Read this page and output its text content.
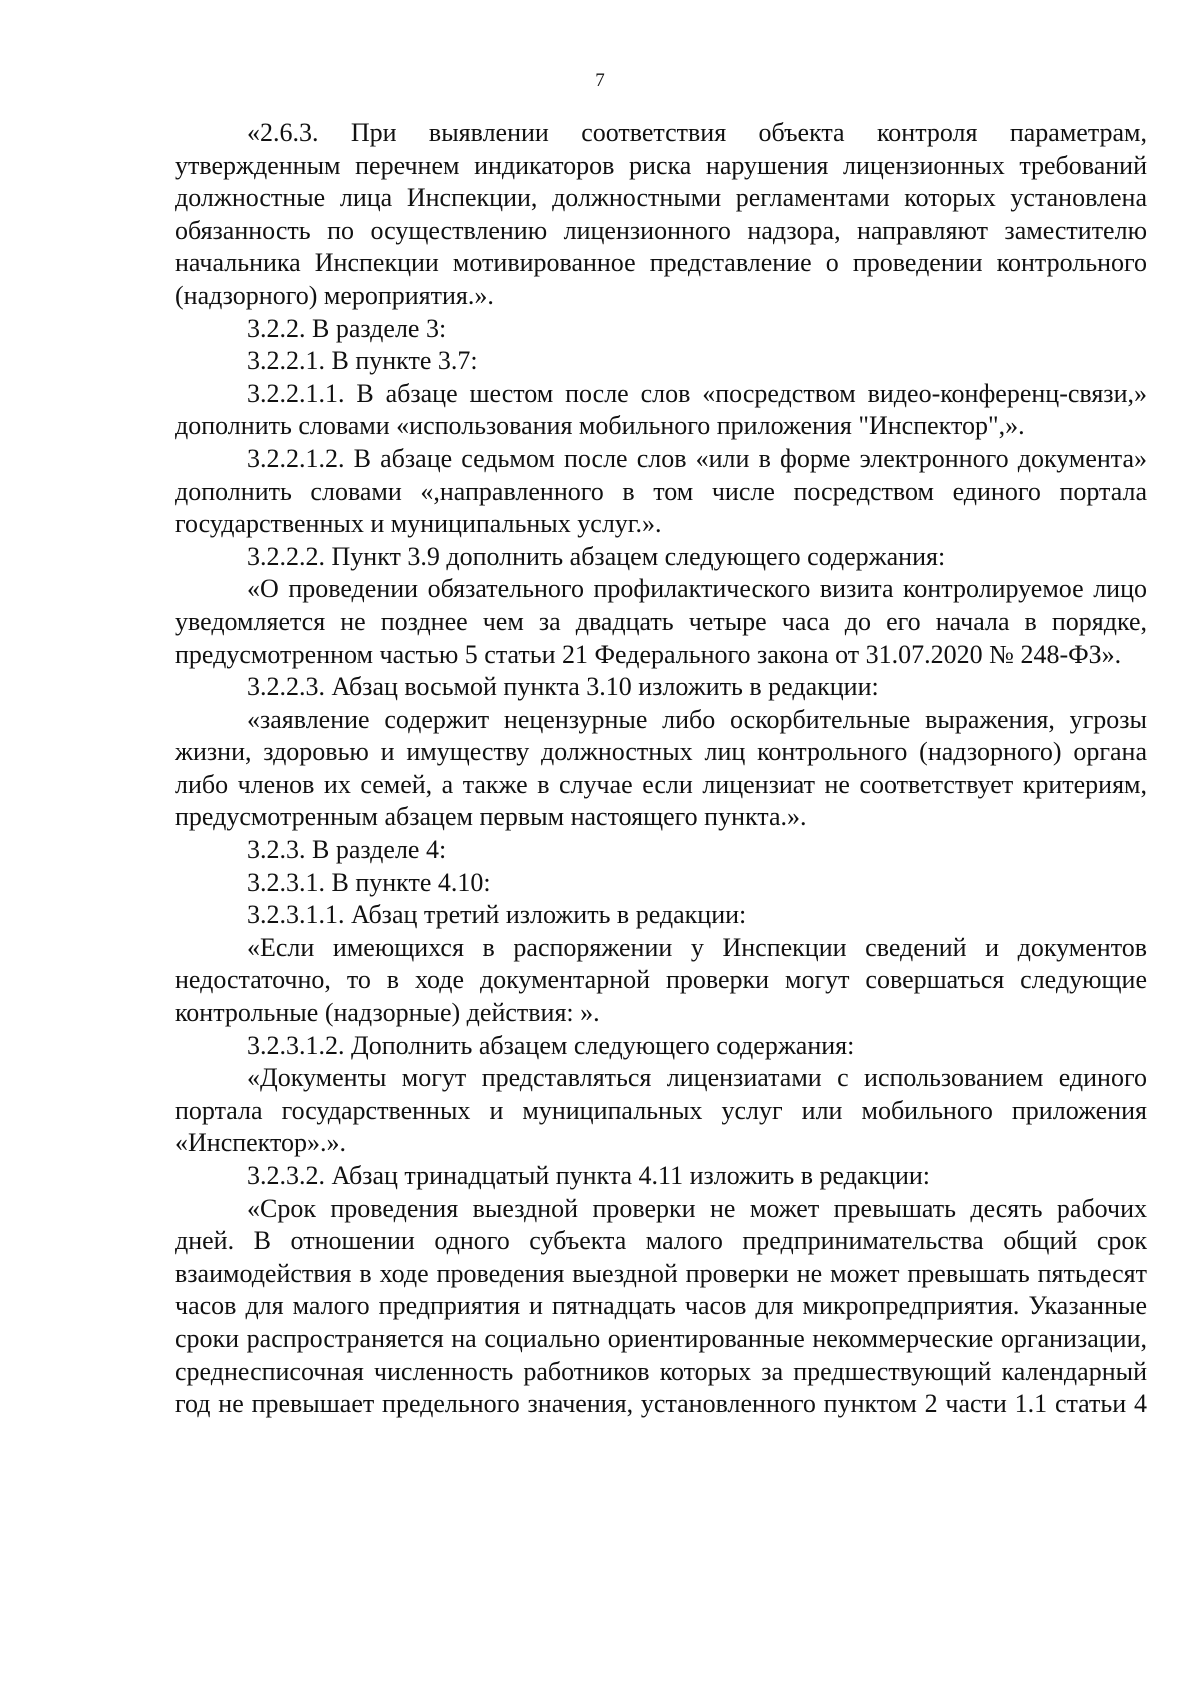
7

«2.6.3. При выявлении соответствия объекта контроля параметрам, утвержденным перечнем индикаторов риска нарушения лицензионных требований должностные лица Инспекции, должностными регламентами которых установлена обязанность по осуществлению лицензионного надзора, направляют заместителю начальника Инспекции мотивированное представление о проведении контрольного (надзорного) мероприятия.».

3.2.2. В разделе 3:

3.2.2.1. В пункте 3.7:

3.2.2.1.1. В абзаце шестом после слов «посредством видео-конференц-связи,» дополнить словами «использования мобильного приложения "Инспектор",».

3.2.2.1.2. В абзаце седьмом после слов «или в форме электронного документа» дополнить словами «,направленного в том числе посредством единого портала государственных и муниципальных услуг.».

3.2.2.2. Пункт 3.9 дополнить абзацем следующего содержания:

«О проведении обязательного профилактического визита контролируемое лицо уведомляется не позднее чем за двадцать четыре часа до его начала в порядке, предусмотренном частью 5 статьи 21 Федерального закона от 31.07.2020 № 248-ФЗ».

3.2.2.3. Абзац восьмой пункта 3.10 изложить в редакции:

«заявление содержит нецензурные либо оскорбительные выражения, угрозы жизни, здоровью и имуществу должностных лиц контрольного (надзорного) органа либо членов их семей, а также в случае если лицензиат не соответствует критериям, предусмотренным абзацем первым настоящего пункта.».

3.2.3. В разделе 4:

3.2.3.1. В пункте 4.10:

3.2.3.1.1. Абзац третий изложить в редакции:

«Если имеющихся в распоряжении у Инспекции сведений и документов недостаточно, то в ходе документарной проверки могут совершаться следующие контрольные (надзорные) действия: ».

3.2.3.1.2. Дополнить абзацем следующего содержания:

«Документы могут представляться лицензиатами с использованием единого портала государственных и муниципальных услуг или мобильного приложения «Инспектор».».

3.2.3.2. Абзац тринадцатый пункта 4.11 изложить в редакции:

«Срок проведения выездной проверки не может превышать десять рабочих дней. В отношении одного субъекта малого предпринимательства общий срок взаимодействия в ходе проведения выездной проверки не может превышать пятьдесят часов для малого предприятия и пятнадцать часов для микропредприятия. Указанные сроки распространяется на социально ориентированные некоммерческие организации, среднесписочная численность работников которых за предшествующий календарный год не превышает предельного значения, установленного пунктом 2 части 1.1 статьи 4
